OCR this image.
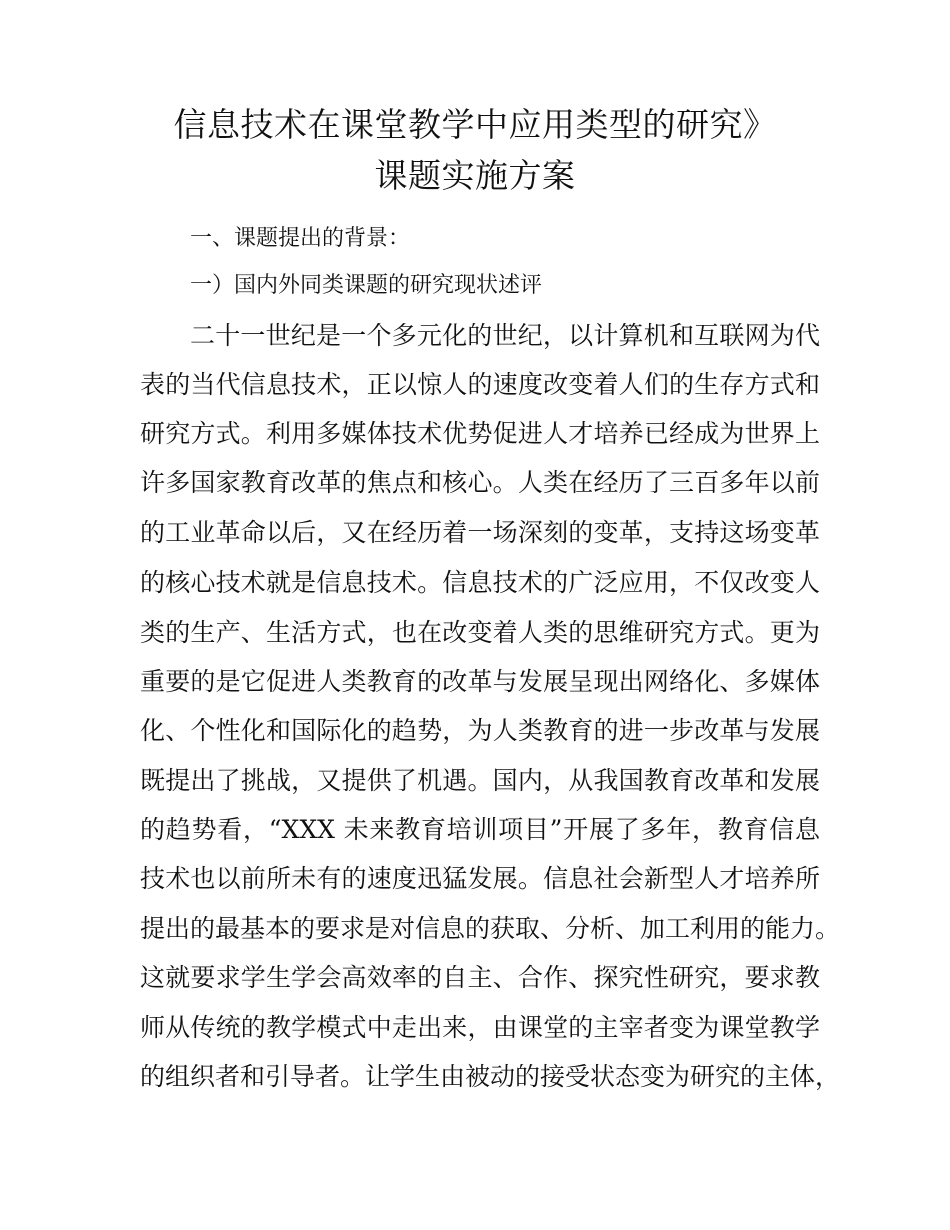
信息技术在课堂教学中应用类型的研究》
课题实施方案
一、课题提出的背景：
一）国内外同类课题的研究现状述评
二十一世纪是一个多元化的世纪，以计算机和互联网为代
表的当代信息技术，正以惊人的速度改变着人们的生存方式和
研究方式。利用多媒体技术优势促进人才培养已经成为世界上
许多国家教育改革的焦点和核心。人类在经历了三百多年以前
的工业革命以后，又在经历着一场深刻的变革，支持这场变革
的核心技术就是信息技术。信息技术的广泛应用，不仅改变人
类的生产、生活方式，也在改变着人类的思维研究方式。更为
重要的是它促进人类教育的改革与发展呈现出网络化、多媒体
化、个性化和国际化的趋势，为人类教育的进一步改革与发展
既提出了挑战，又提供了机遇。国内，从我国教育改革和发展
的趋势看，“XXX 未来教育培训项目”开展了多年，教育信息
技术也以前所未有的速度迅猛发展。信息社会新型人才培养所
提出的最基本的要求是对信息的获取、分析、加工利用的能力。
这就要求学生学会高效率的自主、合作、探究性研究，要求教
师从传统的教学模式中走出来，由课堂的主宰者变为课堂教学
的组织者和引导者。让学生由被动的接受状态变为研究的主体，
